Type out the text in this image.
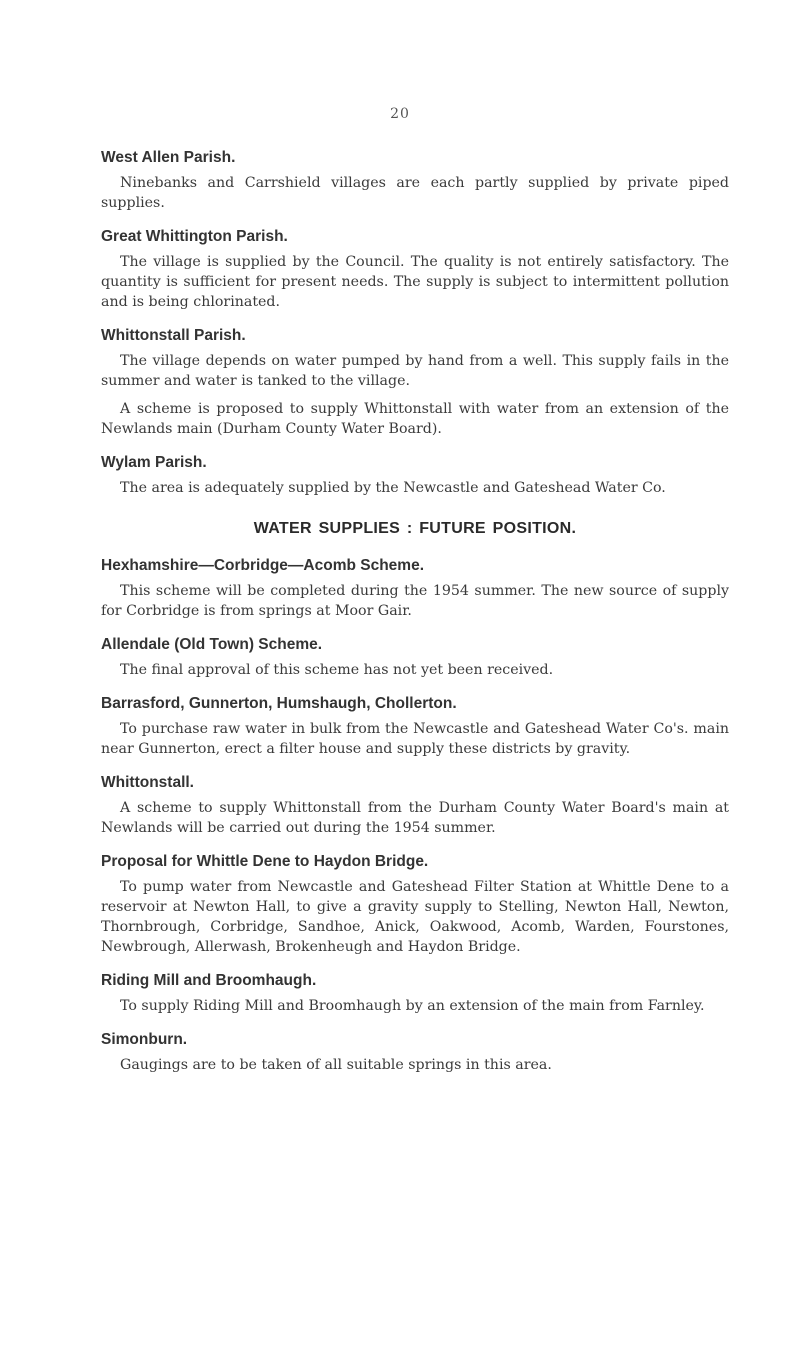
20
West Allen Parish.

Ninebanks and Carrshield villages are each partly supplied by private piped supplies.

Great Whittington Parish.

The village is supplied by the Council. The quality is not entirely satisfactory. The quantity is sufficient for present needs. The supply is subject to intermittent pollution and is being chlorinated.

Whittonstall Parish.

The village depends on water pumped by hand from a well. This supply fails in the summer and water is tanked to the village.

A scheme is proposed to supply Whittonstall with water from an extension of the Newlands main (Durham County Water Board).

Wylam Parish.

The area is adequately supplied by the Newcastle and Gateshead Water Co.

WATER SUPPLIES : FUTURE POSITION.
Hexhamshire—Corbridge—Acomb Scheme.

This scheme will be completed during the 1954 summer. The new source of supply for Corbridge is from springs at Moor Gair.

Allendale (Old Town) Scheme.

The final approval of this scheme has not yet been received.

Barrasford, Gunnerton, Humshaugh, Chollerton.

To purchase raw water in bulk from the Newcastle and Gateshead Water Co's. main near Gunnerton, erect a filter house and supply these districts by gravity.

Whittonstall.

A scheme to supply Whittonstall from the Durham County Water Board's main at Newlands will be carried out during the 1954 summer.

Proposal for Whittle Dene to Haydon Bridge.

To pump water from Newcastle and Gateshead Filter Station at Whittle Dene to a reservoir at Newton Hall, to give a gravity supply to Stelling, Newton Hall, Newton, Thornbrough, Corbridge, Sandhoe, Anick, Oakwood, Acomb, Warden, Fourstones, Newbrough, Allerwash, Brokenheugh and Haydon Bridge.

Riding Mill and Broomhaugh.

To supply Riding Mill and Broomhaugh by an extension of the main from Farnley.

Simonburn.

Gaugings are to be taken of all suitable springs in this area.
